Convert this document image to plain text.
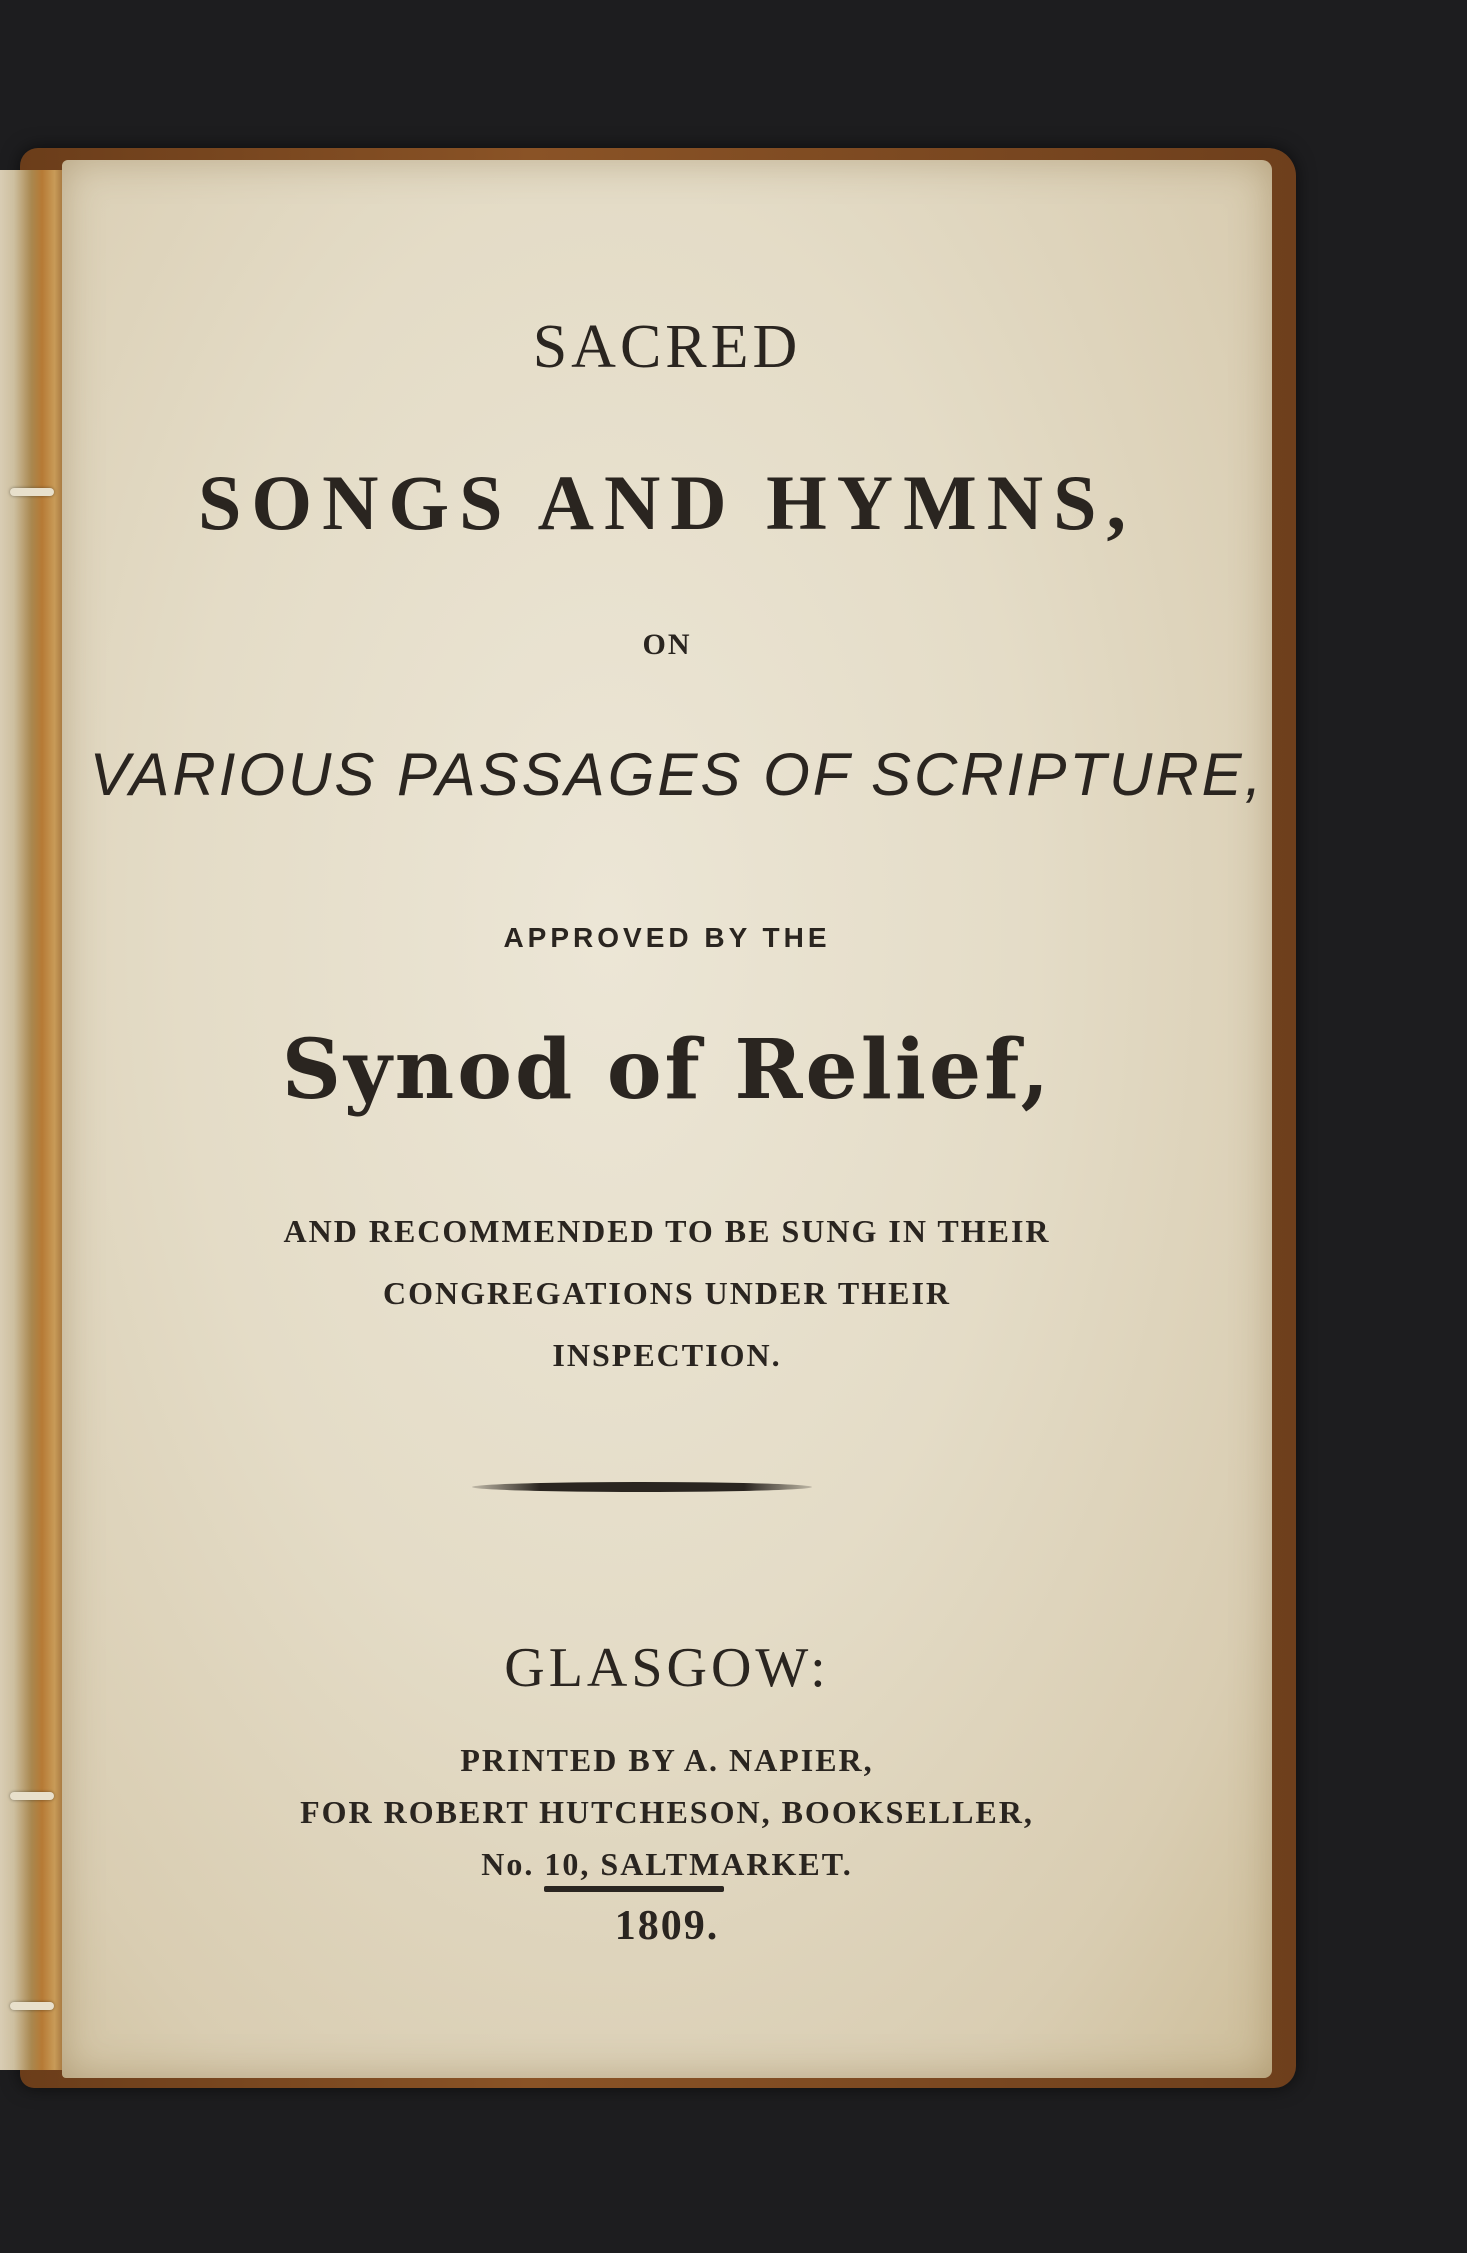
SACRED
SONGS AND HYMNS,
ON
VARIOUS PASSAGES OF SCRIPTURE,
APPROVED BY THE
Synod of Relief,
AND RECOMMENDED TO BE SUNG IN THEIR
CONGREGATIONS UNDER THEIR
INSPECTION.
GLASGOW:
PRINTED BY A. NAPIER,
FOR ROBERT HUTCHESON, BOOKSELLER,
No. 10, SALTMARKET.
1809.
